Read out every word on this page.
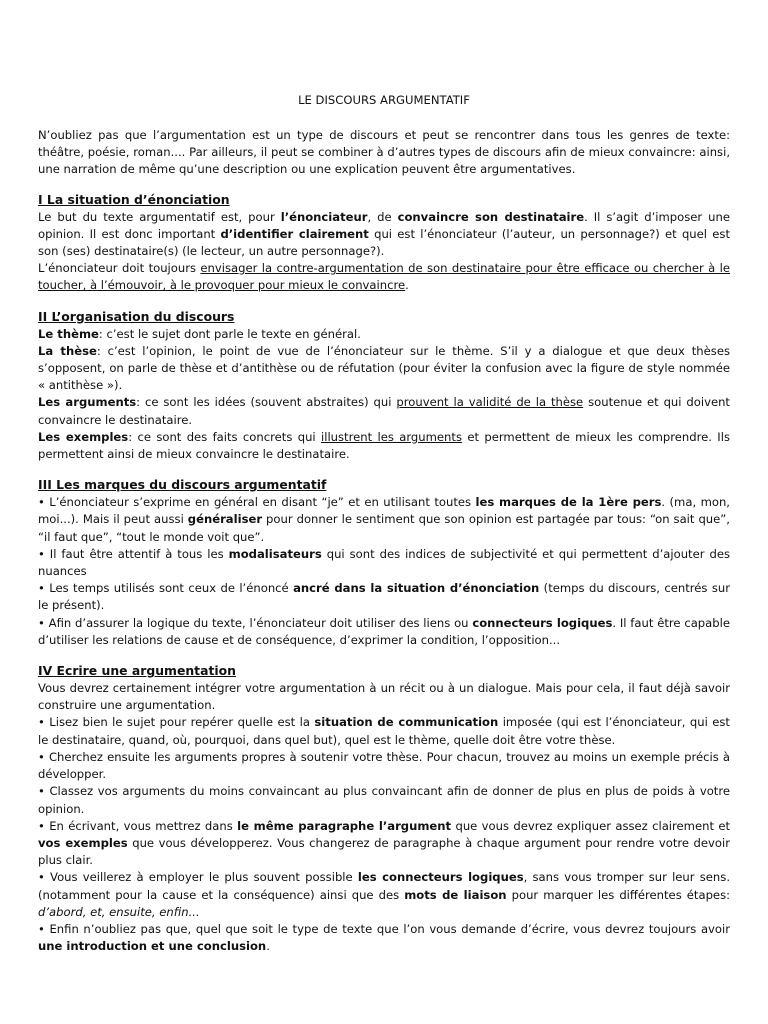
LE DISCOURS ARGUMENTATIF

N’oubliez pas que l’argumentation est un type de discours et peut se rencontrer dans tous les genres de texte: théâtre, poésie, roman.... Par ailleurs, il peut se combiner à d’autres types de discours afin de mieux convaincre: ainsi, une narration de même qu’une description ou une explication peuvent être argumentatives.

I La situation d’énonciation

Le but du texte argumentatif est, pour l’énonciateur, de convaincre son destinataire. Il s’agit d’imposer une opinion. Il est donc important d’identifier clairement qui est l’énonciateur (l’auteur, un personnage?) et quel est son (ses) destinataire(s) (le lecteur, un autre personnage?).

L’énonciateur doit toujours envisager la contre-argumentation de son destinataire pour être efficace ou chercher à le toucher, à l’émouvoir, à le provoquer pour mieux le convaincre.

II L’organisation du discours

Le thème: c’est le sujet dont parle le texte en général.

La thèse: c’est l’opinion, le point de vue de l’énonciateur sur le thème. S’il y a dialogue et que deux thèses s’opposent, on parle de thèse et d’antithèse ou de réfutation (pour éviter la confusion avec la figure de style nommée « antithèse »).

Les arguments: ce sont les idées (souvent abstraites) qui prouvent la validité de la thèse soutenue et qui doivent convaincre le destinataire.

Les exemples: ce sont des faits concrets qui illustrent les arguments et permettent de mieux les comprendre. Ils permettent ainsi de mieux convaincre le destinataire.

III Les marques du discours argumentatif

• L’énonciateur s’exprime en général en disant “je” et en utilisant toutes les marques de la 1ère pers. (ma, mon, moi...). Mais il peut aussi généraliser pour donner le sentiment que son opinion est partagée par tous: “on sait que”, “il faut que”, “tout le monde voit que”.

• Il faut être attentif à tous les modalisateurs qui sont des indices de subjectivité et qui permettent d’ajouter des nuances

• Les temps utilisés sont ceux de l’énoncé ancré dans la situation d’énonciation (temps du discours, centrés sur le présent).

• Afin d’assurer la logique du texte, l’énonciateur doit utiliser des liens ou connecteurs logiques. Il faut être capable d’utiliser les relations de cause et de conséquence, d’exprimer la condition, l’opposition...

IV Ecrire une argumentation

Vous devrez certainement intégrer votre argumentation à un récit ou à un dialogue. Mais pour cela, il faut déjà savoir construire une argumentation.

• Lisez bien le sujet pour repérer quelle est la situation de communication imposée (qui est l’énonciateur, qui est le destinataire, quand, où, pourquoi, dans quel but), quel est le thème, quelle doit être votre thèse.

• Cherchez ensuite les arguments propres à soutenir votre thèse. Pour chacun, trouvez au moins un exemple précis à développer.

• Classez vos arguments du moins convaincant au plus convaincant afin de donner de plus en plus de poids à votre opinion.

• En écrivant, vous mettrez dans le même paragraphe l’argument que vous devrez expliquer assez clairement et vos exemples que vous développerez. Vous changerez de paragraphe à chaque argument pour rendre votre devoir plus clair.

• Vous veillerez à employer le plus souvent possible les connecteurs logiques, sans vous tromper sur leur sens. (notamment pour la cause et la conséquence) ainsi que des mots de liaison pour marquer les différentes étapes: d’abord, et, ensuite, enfin...

• Enfin n’oubliez pas que, quel que soit le type de texte que l’on vous demande d’écrire, vous devrez toujours avoir une introduction et une conclusion.
